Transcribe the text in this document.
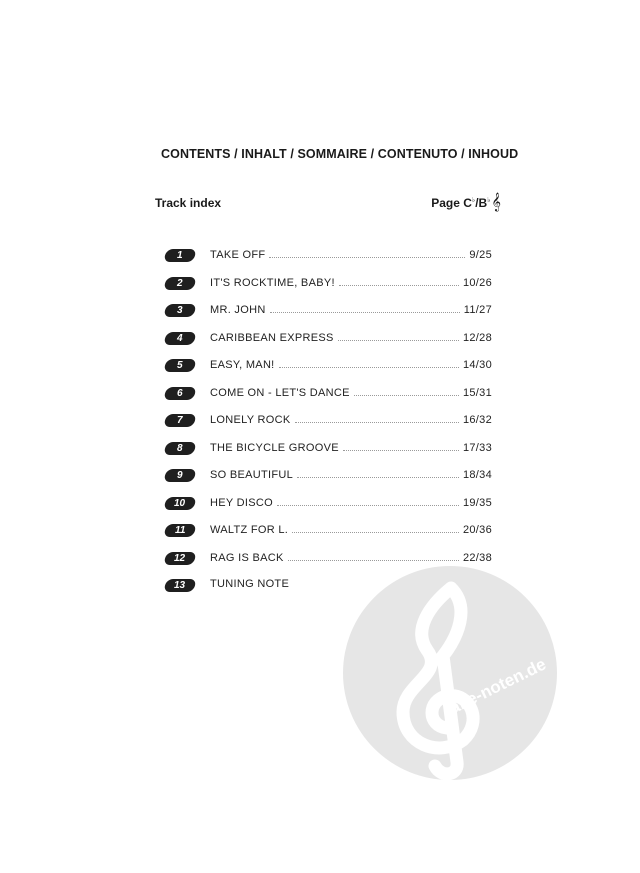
CONTENTS / INHALT / SOMMAIRE / CONTENUTO / INHOUD
Track index	Page C♭/B♭𝄞
1 TAKE OFF	9/25
2 IT'S ROCKTIME, BABY!	10/26
3 MR. JOHN	11/27
4 CARIBBEAN EXPRESS	12/28
5 EASY, MAN!	14/30
6 COME ON - LET'S DANCE	15/31
7 LONELY ROCK	16/32
8 THE BICYCLE GROOVE	17/33
9 SO BEAUTIFUL	18/34
10 HEY DISCO	19/35
11 WALTZ FOR L.	20/36
12 RAG IS BACK	22/38
13 TUNING NOTE
alle-noten.de
